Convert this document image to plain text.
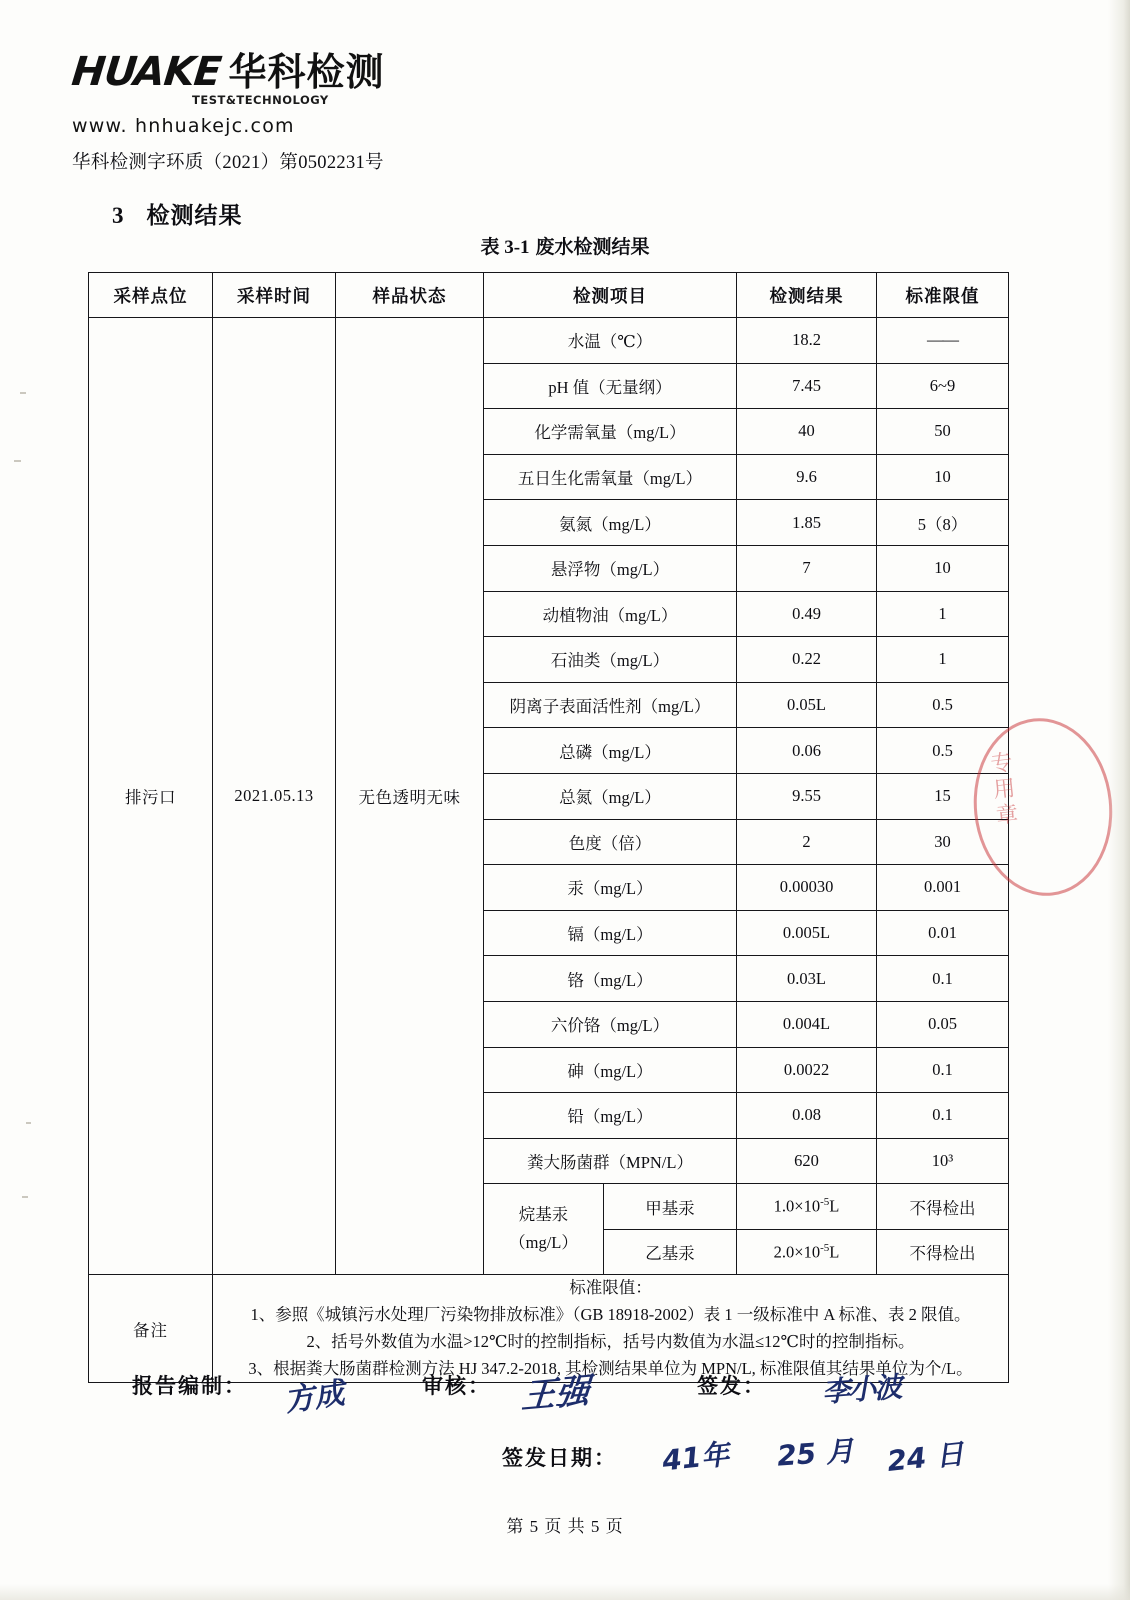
HUAKE 华科检测
TEST&TECHNOLOGY
www. hnhuakejc.com
华科检测字环质（2021）第0502231号
3 检测结果
表 3-1 废水检测结果
采样点位	采样时间	样品状态	检测项目		检测结果	标准限值
排污口	2021.05.13	无色透明无味	水温（℃）		18.2	——
			pH 值（无量纲）		7.45	6~9
			化学需氧量（mg/L）		40	50
			五日生化需氧量（mg/L）		9.6	10
			氨氮（mg/L）		1.85	5（8）
			悬浮物（mg/L）		7	10
			动植物油（mg/L）		0.49	1
			石油类（mg/L）		0.22	1
			阴离子表面活性剂（mg/L）		0.05L	0.5
			总磷（mg/L）		0.06	0.5
			总氮（mg/L）		9.55	15
			色度（倍）		2	30
			汞（mg/L）		0.00030	0.001
			镉（mg/L）		0.005L	0.01
			铬（mg/L）		0.03L	0.1
			六价铬（mg/L）		0.004L	0.05
			砷（mg/L）		0.0022	0.1
			铅（mg/L）		0.08	0.1
			粪大肠菌群（MPN/L）		620	10³

			烷基汞
（mg/L）	甲基汞	$1.0\times 10^{-5}L$	不得检出
				乙基汞	$2.0\times 10^{-5}L$	不得检出
备注	标准限值：
1、参照《城镇污水处理厂污染物排放标准》（GB 18918-2002）表 1 一级标准中 A 标准、表 2 限值。
2、括号外数值为水温>12℃时的控制指标，括号内数值为水温≤12℃时的控制指标。
3、根据粪大肠菌群检测方法 HJ 347.2-2018, 其检测结果单位为 MPN/L, 标准限值其结果单位为个/L。					
报告编制：	审核：	签发：
签发日期：
方成	王强	李小波
41年 25 月 24 日
第 5 页 共 5 页
专用章
